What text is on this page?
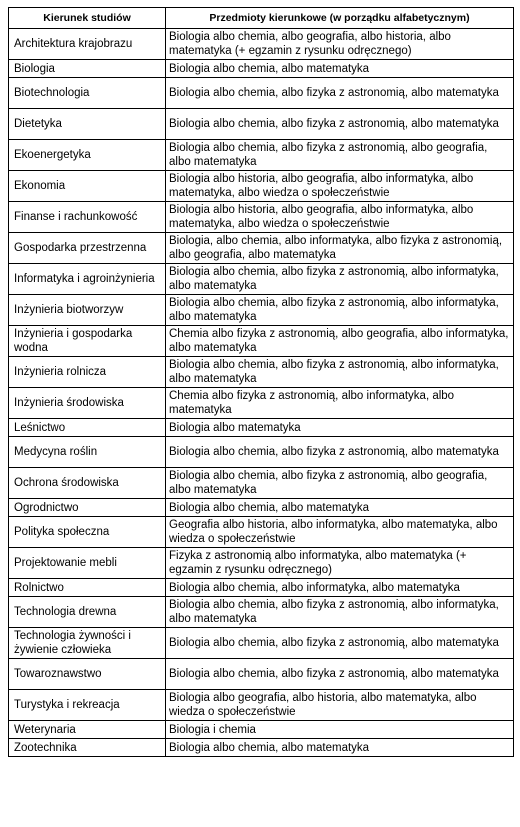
Kierunek studiów	Przedmioty kierunkowe (w porządku alfabetycznym)
Architektura krajobrazu	Biologia albo chemia, albo geografia, albo historia, albo matematyka (+ egzamin z rysunku odręcznego)
Biologia	Biologia albo chemia, albo matematyka
Biotechnologia	Biologia albo chemia, albo fizyka z astronomią, albo matematyka
Dietetyka	Biologia albo chemia, albo fizyka z astronomią, albo matematyka
Ekoenergetyka	Biologia albo chemia, albo fizyka z astronomią, albo geografia, albo matematyka
Ekonomia	Biologia albo historia, albo geografia, albo informatyka, albo matematyka, albo wiedza o społeczeństwie
Finanse i rachunkowość	Biologia albo historia, albo geografia, albo informatyka, albo matematyka, albo wiedza o społeczeństwie
Gospodarka przestrzenna	Biologia, albo chemia, albo informatyka, albo fizyka z astronomią, albo geografia, albo matematyka
Informatyka i agroinżynieria	Biologia albo chemia, albo fizyka z astronomią, albo informatyka, albo matematyka
Inżynieria biotworzyw	Biologia albo chemia, albo fizyka z astronomią, albo informatyka, albo matematyka
Inżynieria i gospodarka wodna	Chemia albo fizyka z astronomią, albo geografia, albo informatyka, albo matematyka
Inżynieria rolnicza	Biologia albo chemia, albo fizyka z astronomią, albo informatyka, albo matematyka
Inżynieria środowiska	Chemia albo fizyka z astronomią, albo informatyka, albo matematyka
Leśnictwo	Biologia albo matematyka
Medycyna roślin	Biologia albo chemia, albo fizyka z astronomią, albo matematyka
Ochrona środowiska	Biologia albo chemia, albo fizyka z astronomią, albo geografia, albo matematyka
Ogrodnictwo	Biologia albo chemia, albo matematyka
Polityka społeczna	Geografia albo historia, albo informatyka, albo matematyka, albo wiedza o społeczeństwie
Projektowanie mebli	Fizyka z astronomią albo informatyka, albo matematyka (+ egzamin z rysunku odręcznego)
Rolnictwo	Biologia albo chemia, albo informatyka, albo matematyka
Technologia drewna	Biologia albo chemia, albo fizyka z astronomią, albo informatyka, albo matematyka
Technologia żywności i żywienie człowieka	Biologia albo chemia, albo fizyka z astronomią, albo matematyka
Towaroznawstwo	Biologia albo chemia, albo fizyka z astronomią, albo matematyka
Turystyka i rekreacja	Biologia albo geografia, albo historia, albo matematyka, albo wiedza o społeczeństwie
Weterynaria	Biologia i chemia
Zootechnika	Biologia albo chemia, albo matematyka
